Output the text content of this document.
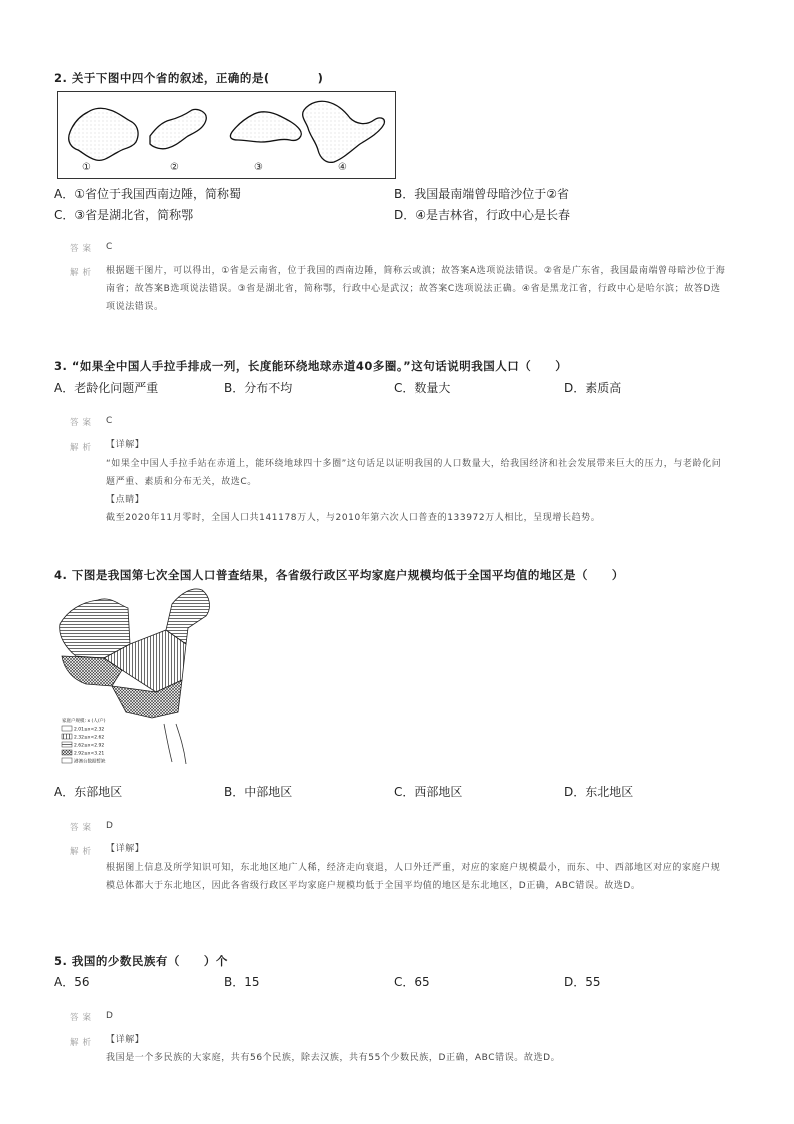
2. 关于下图中四个省的叙述，正确的是(　　　　)
①	②	③	④
A．①省位于我国西南边陲，简称蜀	B．我国最南端曾母暗沙位于②省
C．③省是湖北省，简称鄂	D．④是吉林省，行政中心是长春
答案 C
解析 根据题干图片，可以得出，①省是云南省，位于我国的西南边陲，简称云或滇；故答案A选项说法错误。②省是广东省，我国最南端曾母暗沙位于海南省；故答案B选项说法错误。③省是湖北省，简称鄂，行政中心是武汉；故答案C选项说法正确。④省是黑龙江省，行政中心是哈尔滨；故答D选项说法错误。
3. “如果全中国人手拉手排成一列，长度能环绕地球赤道40多圈。”这句话说明我国人口（　　）
A．老龄化问题严重	B．分布不均	C．数量大	D．素质高
答案 C
解析 【详解】
“如果全中国人手拉手站在赤道上，能环绕地球四十多圈”这句话足以证明我国的人口数量大，给我国经济和社会发展带来巨大的压力，与老龄化问题严重、素质和分布无关，故选C。
【点睛】
截至2020年11月零时，全国人口共141178万人，与2010年第六次人口普查的133972万人相比，呈现增长趋势。
4. 下图是我国第七次全国人口普查结果，各省级行政区平均家庭户规模均低于全国平均值的地区是（　　）
家庭户规模: x (人/户)
2.01≤x<2.32
2.32≤x<2.62
2.62≤x<2.92
2.92≤x<3.21
港澳台数据暂缺
A．东部地区	B．中部地区	C．西部地区	D．东北地区
答案 D
解析 【详解】
根据图上信息及所学知识可知，东北地区地广人稀，经济走向衰退，人口外迁严重，对应的家庭户规模最小，而东、中、西部地区对应的家庭户规模总体都大于东北地区，因此各省级行政区平均家庭户规模均低于全国平均值的地区是东北地区，D正确，ABC错误。故选D。
5. 我国的少数民族有（　　）个
A．56	B．15	C．65	D．55
答案 D
解析 【详解】
我国是一个多民族的大家庭，共有56个民族，除去汉族，共有55个少数民族，D正确，ABC错误。故选D。
